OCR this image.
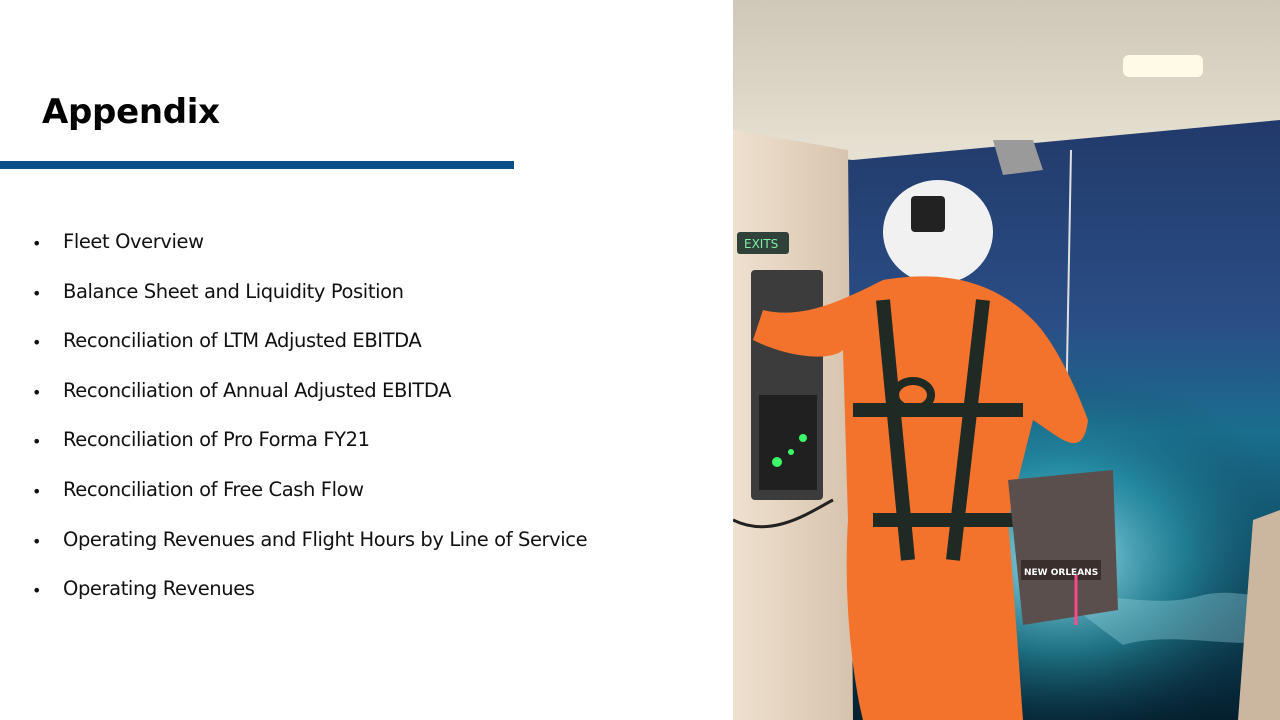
Appendix
• Fleet Overview
• Balance Sheet and Liquidity Position
• Reconciliation of LTM Adjusted EBITDA
• Reconciliation of Annual Adjusted EBITDA
• Reconciliation of Pro Forma FY21
• Reconciliation of Free Cash Flow
• Operating Revenues and Flight Hours by Line of Service
• Operating Revenues
EXITS
NEW ORLEANS
